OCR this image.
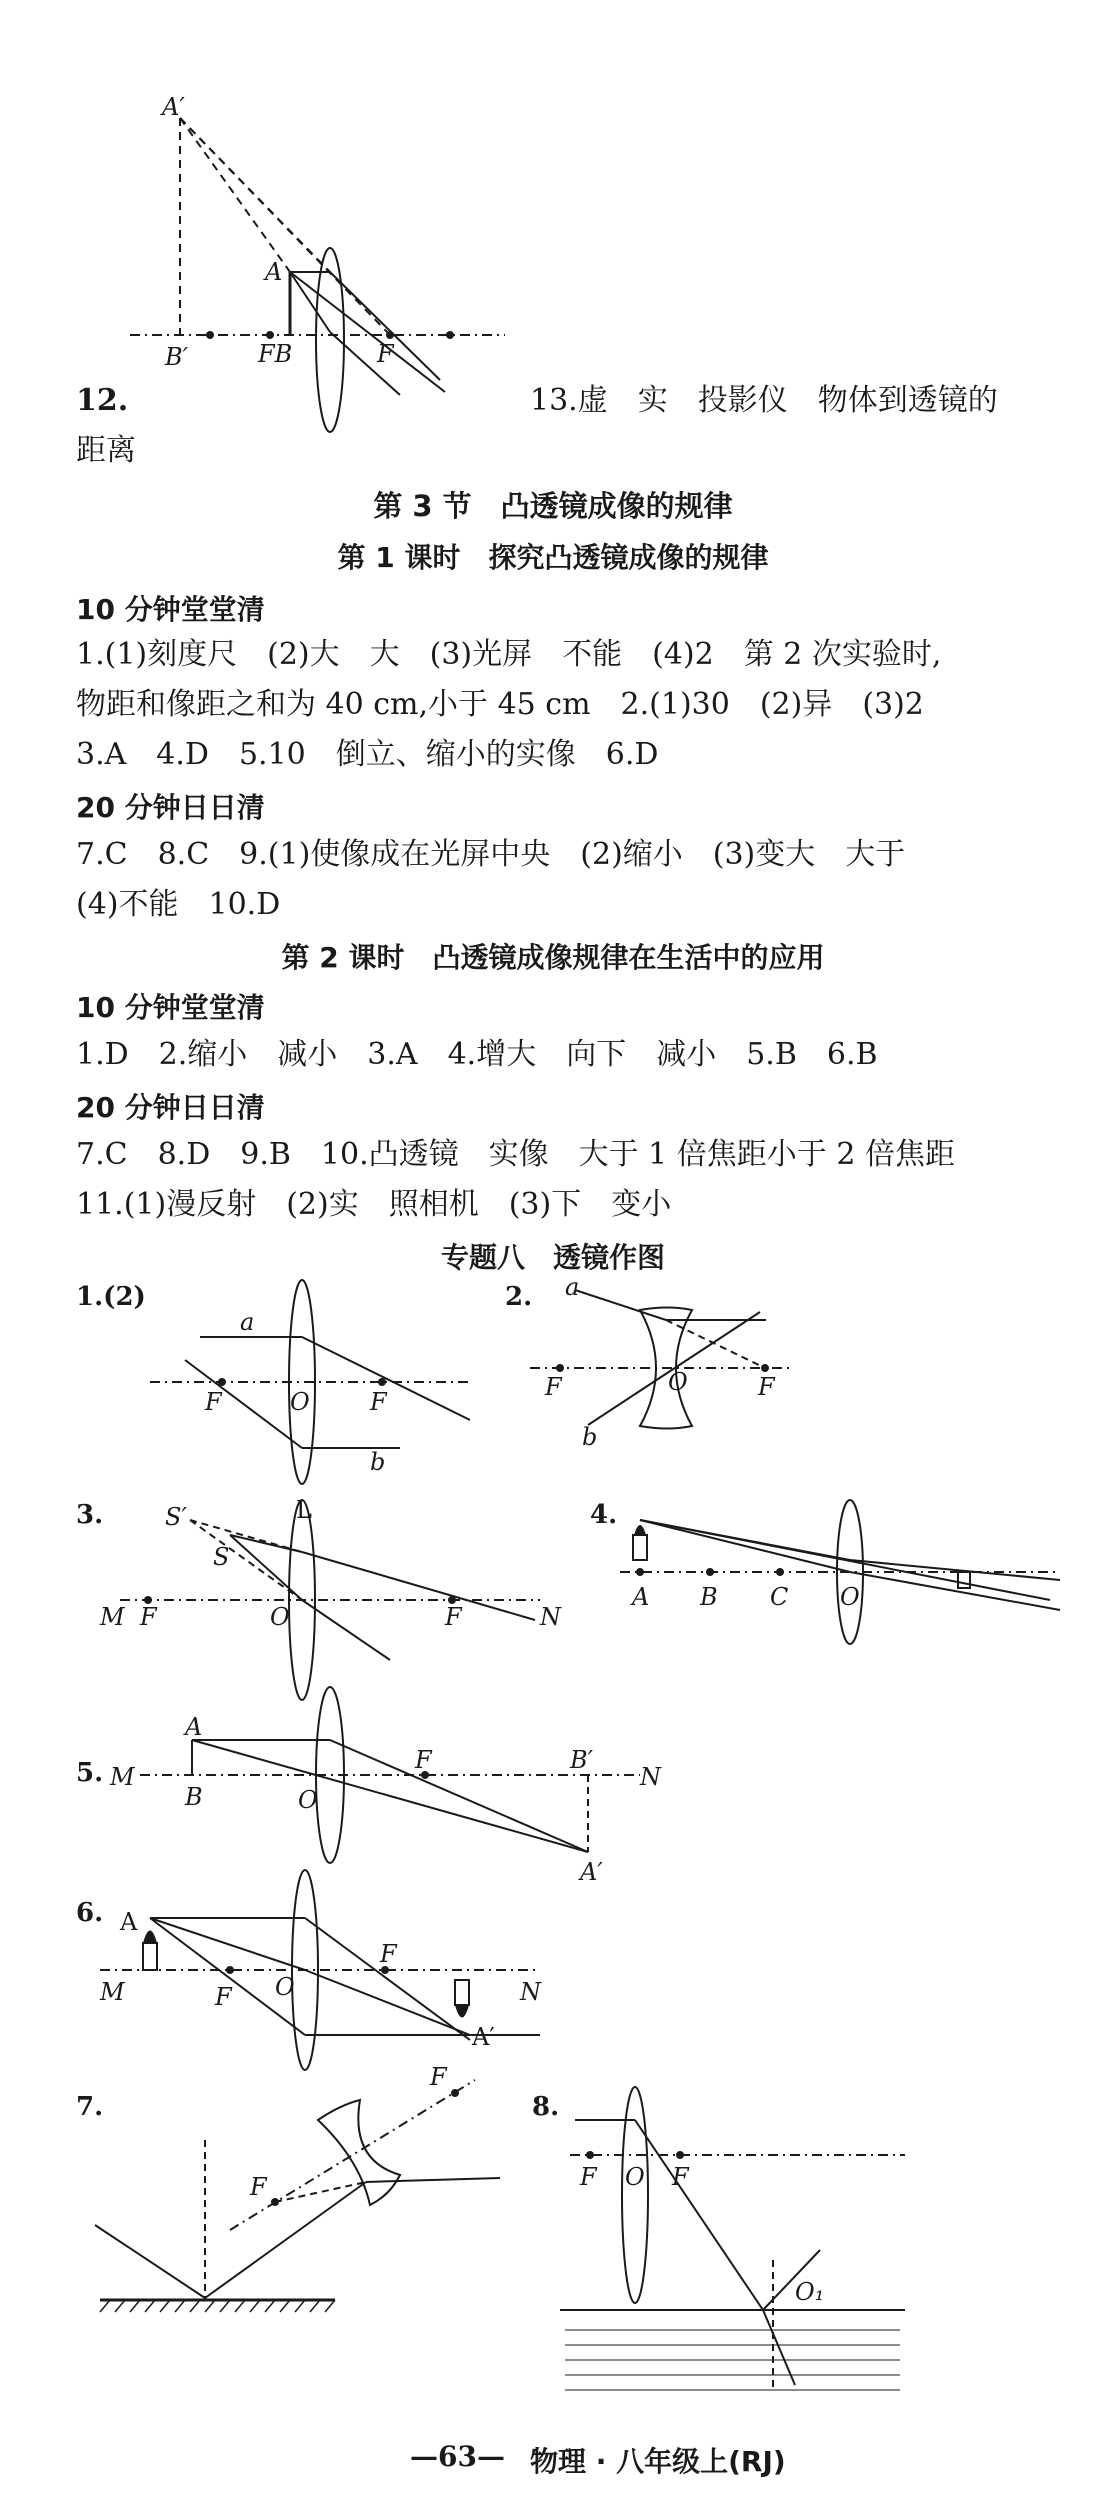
A′
A
B′	FB	F
12.	13.虚　实　投影仪　物体到透镜的
距离
第 3 节　凸透镜成像的规律
第 1 课时　探究凸透镜成像的规律
10 分钟堂堂清
1.(1)刻度尺　(2)大　大　(3)光屏　不能　(4)2　第 2 次实验时,
物距和像距之和为 40 cm,小于 45 cm　2.(1)30　(2)异　(3)2
3.A　4.D　5.10　倒立、缩小的实像　6.D
20 分钟日日清
7.C　8.C　9.(1)使像成在光屏中央　(2)缩小　(3)变大　大于
(4)不能　10.D
第 2 课时　凸透镜成像规律在生活中的应用
10 分钟堂堂清
1.D　2.缩小　减小　3.A　4.增大　向下　减小　5.B　6.B
20 分钟日日清
7.C　8.D　9.B　10.凸透镜　实像　大于 1 倍焦距小于 2 倍焦距
11.(1)漫反射　(2)实　照相机　(3)下　变小
专题八　透镜作图
1.(2)	2.
3.	4.
5.
6.
7.	8.
a
b
F	O	F
a
b
F	O	F
S′
S
L
M F	O	F	N
A B C O
A
B
M
O
F	B′
N
A′
A
M	F O
F
N
A′
F
F
F O F
O₁
—63— 物理 · 八年级上(RJ)
